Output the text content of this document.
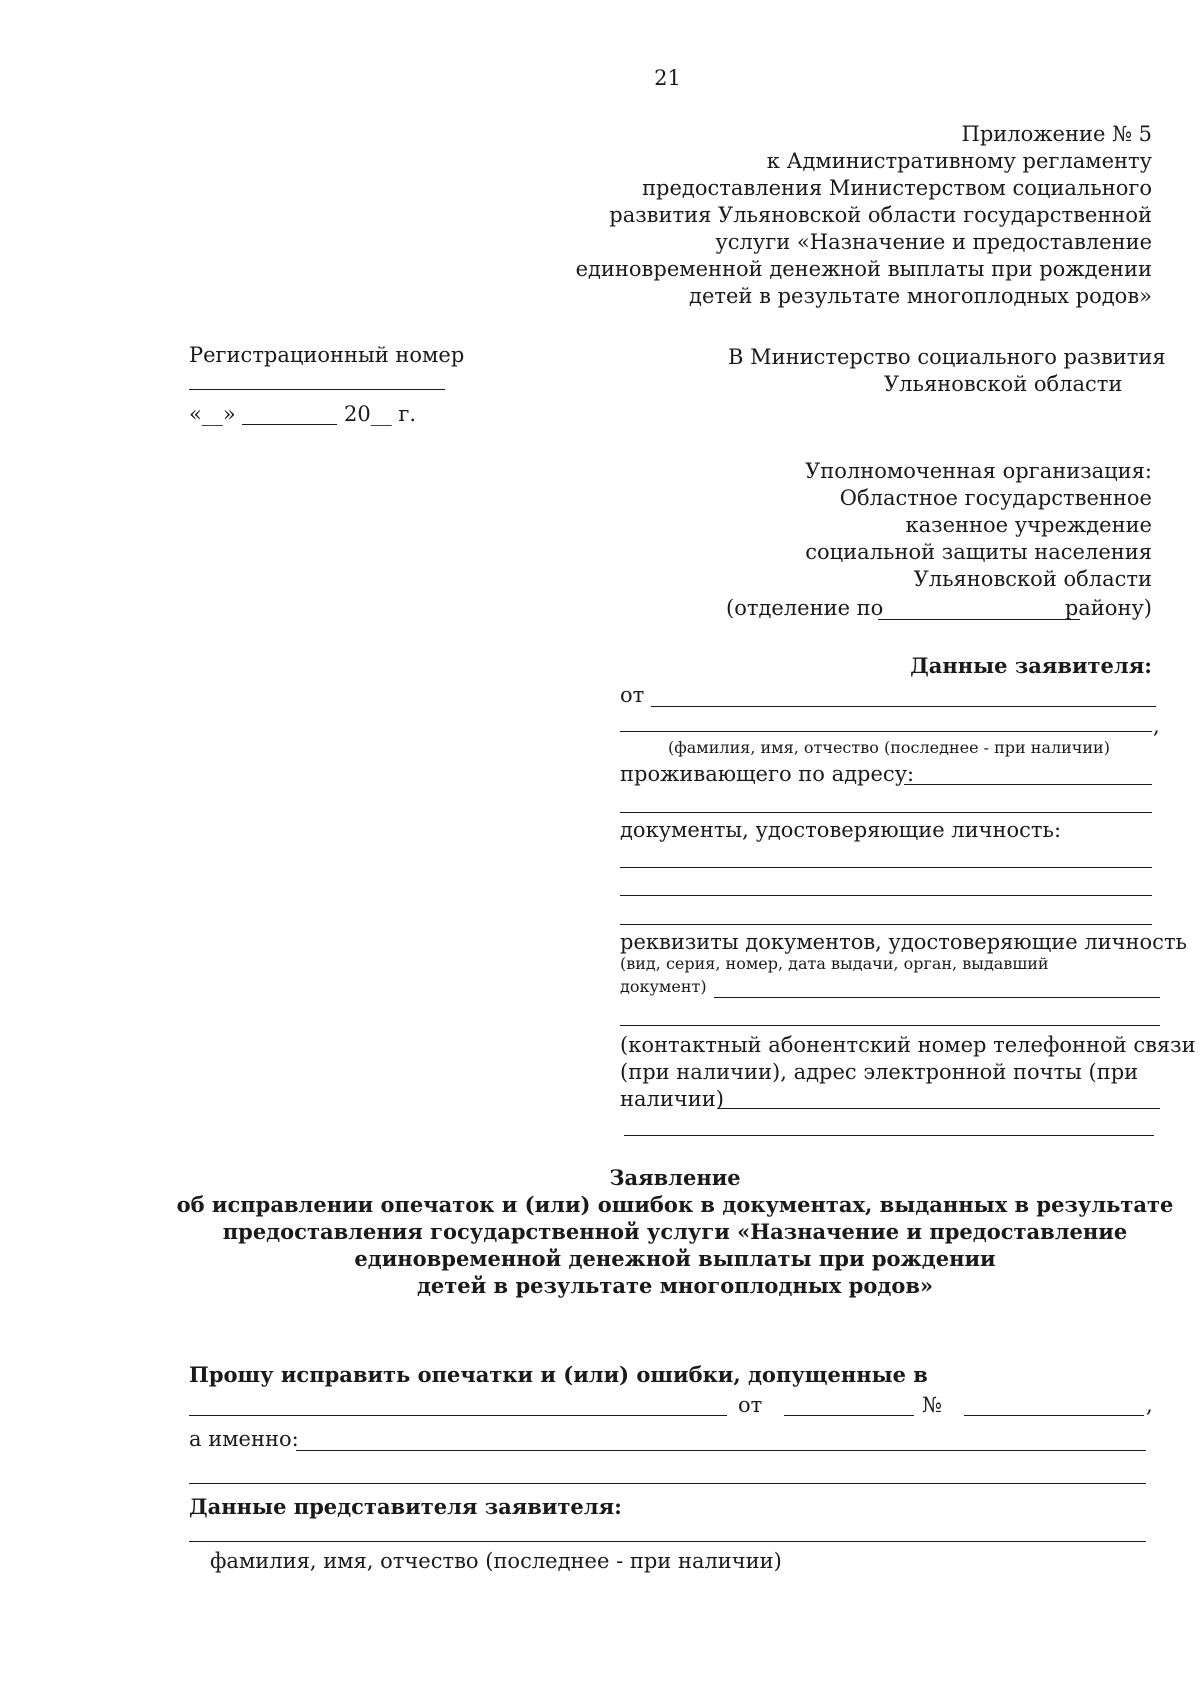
21
Приложение № 5
к Административному регламенту
предоставления Министерством социального
развития Ульяновской области государственной
услуги «Назначение и предоставление
единовременной денежной выплаты при рождении
детей в результате многоплодных родов»
Регистрационный номер
«__»	20__ г.
В Министерство социального развития
Ульяновской области
Уполномоченная организация:
Областное государственное
казенное учреждение
социальной защиты населения
Ульяновской области
(отделение по	району)
Данные заявителя:
от
,
(фамилия, имя, отчество (последнее - при наличии)
проживающего по адресу:
документы, удостоверяющие личность:
реквизиты документов, удостоверяющие личность
(вид, серия, номер, дата выдачи, орган, выдавший
документ)
(контактный абонентский номер телефонной связи
(при наличии), адрес электронной почты (при
наличии)
Заявление
об исправлении опечаток и (или) ошибок в документах, выданных в результате
предоставления государственной услуги «Назначение и предоставление
единовременной денежной выплаты при рождении
детей в результате многоплодных родов»
Прошу исправить опечатки и (или) ошибки, допущенные в
от	№	,
а именно:
Данные представителя заявителя:
фамилия, имя, отчество (последнее - при наличии)
